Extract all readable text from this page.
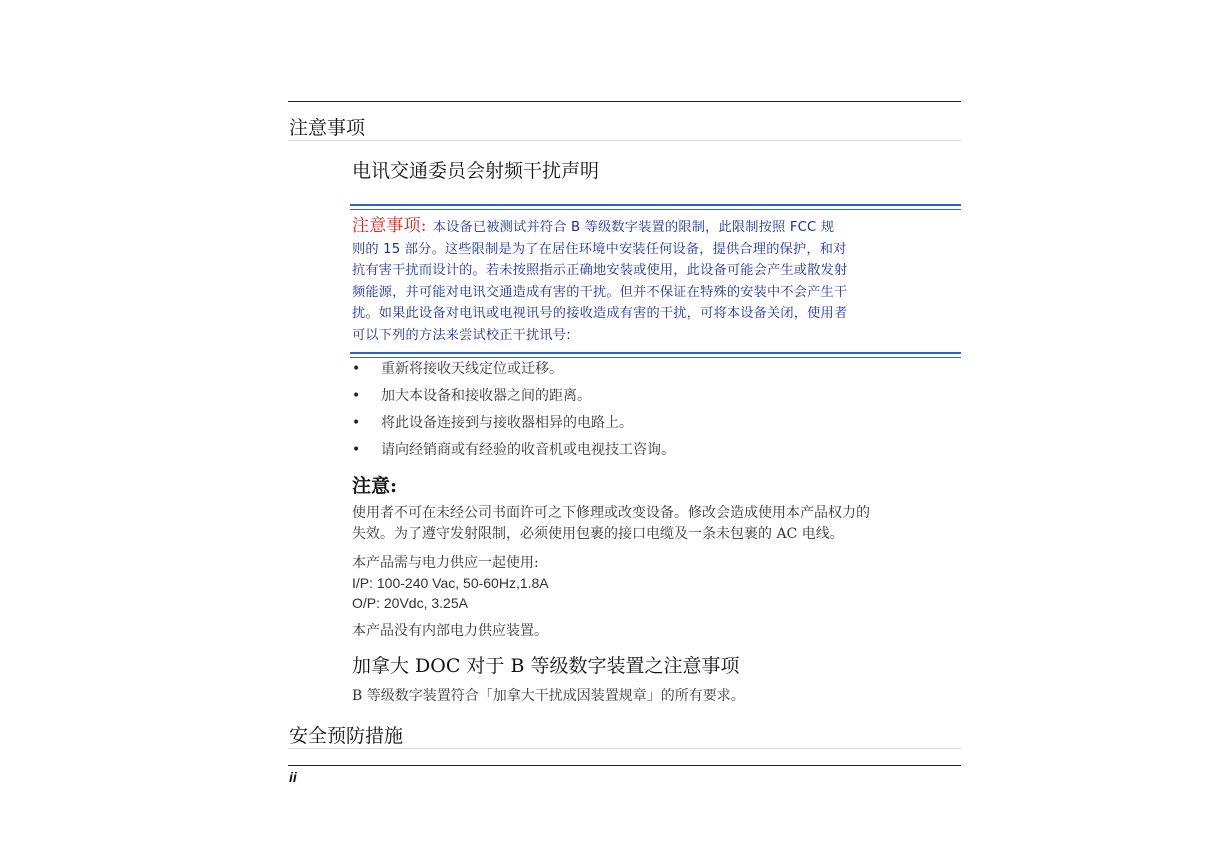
注意事项
电讯交通委员会射频干扰声明
注意事项: 本设备已被测试并符合 B 等级数字装置的限制，此限制按照 FCC 规
则的 15 部分。这些限制是为了在居住环境中安装任何设备，提供合理的保护，和对
抗有害干扰而设计的。若未按照指示正确地安装或使用，此设备可能会产生或散发射
频能源，并可能对电讯交通造成有害的干扰。但并不保证在特殊的安装中不会产生干
扰。如果此设备对电讯或电视讯号的接收造成有害的干扰，可将本设备关闭，使用者
可以下列的方法来尝试校正干扰讯号:
• 重新将接收天线定位或迁移。
• 加大本设备和接收器之间的距离。
• 将此设备连接到与接收器相异的电路上。
• 请向经销商或有经验的收音机或电视技工咨询。
注意:
使用者不可在未经公司书面许可之下修理或改变设备。修改会造成使用本产品权力的
失效。为了遵守发射限制，必须使用包裹的接口电缆及一条未包裹的 AC 电线。
本产品需与电力供应一起使用:
I/P: 100-240 Vac, 50-60Hz,1.8A
O/P: 20Vdc, 3.25A
本产品没有内部电力供应装置。
加拿大 DOC 对于 B 等级数字装置之注意事项
B 等级数字装置符合「加拿大干扰成因装置规章」的所有要求。
安全预防措施
ii
